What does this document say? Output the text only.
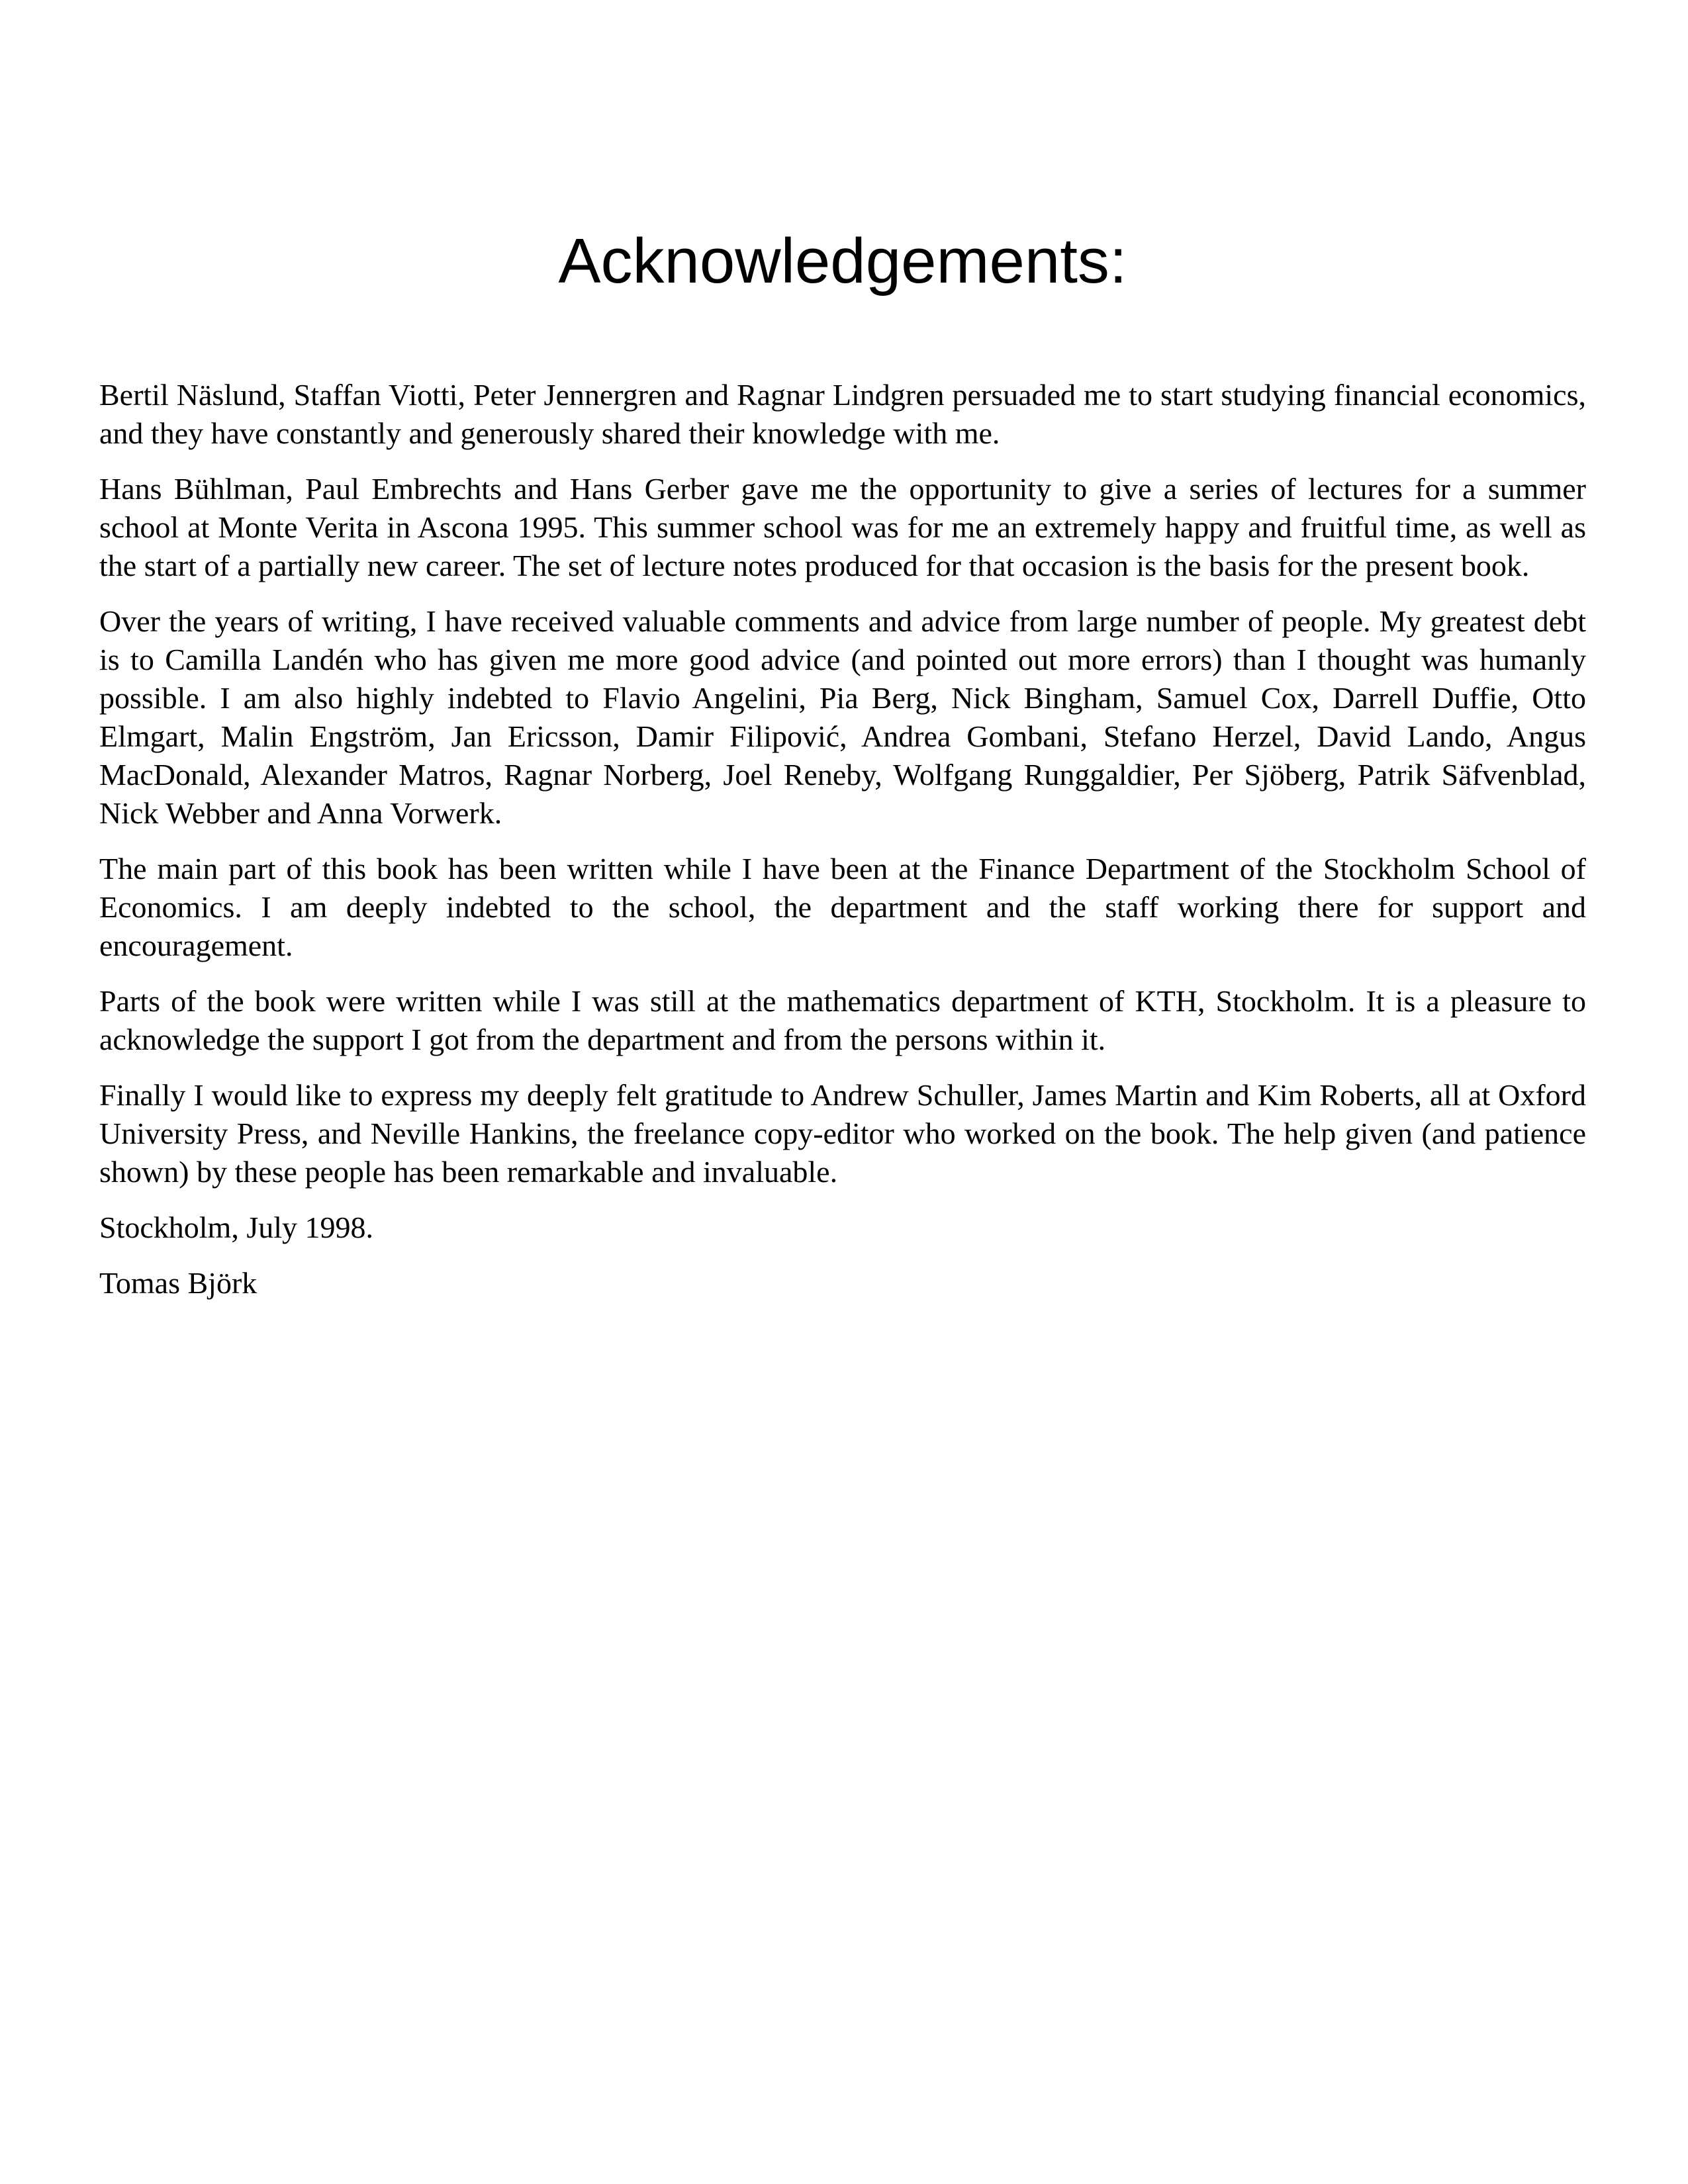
Acknowledgements:

Bertil Näslund, Staffan Viotti, Peter Jennergren and Ragnar Lindgren persuaded me to start studying financial economics, and they have constantly and generously shared their knowledge with me.

Hans Bühlman, Paul Embrechts and Hans Gerber gave me the opportunity to give a series of lectures for a summer school at Monte Verita in Ascona 1995. This summer school was for me an extremely happy and fruitful time, as well as the start of a partially new career. The set of lecture notes produced for that occasion is the basis for the present book.

Over the years of writing, I have received valuable comments and advice from large number of people. My greatest debt is to Camilla Landén who has given me more good advice (and pointed out more errors) than I thought was humanly possible. I am also highly indebted to Flavio Angelini, Pia Berg, Nick Bingham, Samuel Cox, Darrell Duffie, Otto Elmgart, Malin Engström, Jan Ericsson, Damir Filipović, Andrea Gombani, Stefano Herzel, David Lando, Angus MacDonald, Alexander Matros, Ragnar Norberg, Joel Reneby, Wolfgang Runggaldier, Per Sjöberg, Patrik Säfvenblad, Nick Webber and Anna Vorwerk.

The main part of this book has been written while I have been at the Finance Department of the Stockholm School of Economics. I am deeply indebted to the school, the department and the staff working there for support and encouragement.

Parts of the book were written while I was still at the mathematics department of KTH, Stockholm. It is a pleasure to acknowledge the support I got from the department and from the persons within it.

Finally I would like to express my deeply felt gratitude to Andrew Schuller, James Martin and Kim Roberts, all at Oxford University Press, and Neville Hankins, the freelance copy-editor who worked on the book. The help given (and patience shown) by these people has been remarkable and invaluable.

Stockholm, July 1998.

Tomas Björk
